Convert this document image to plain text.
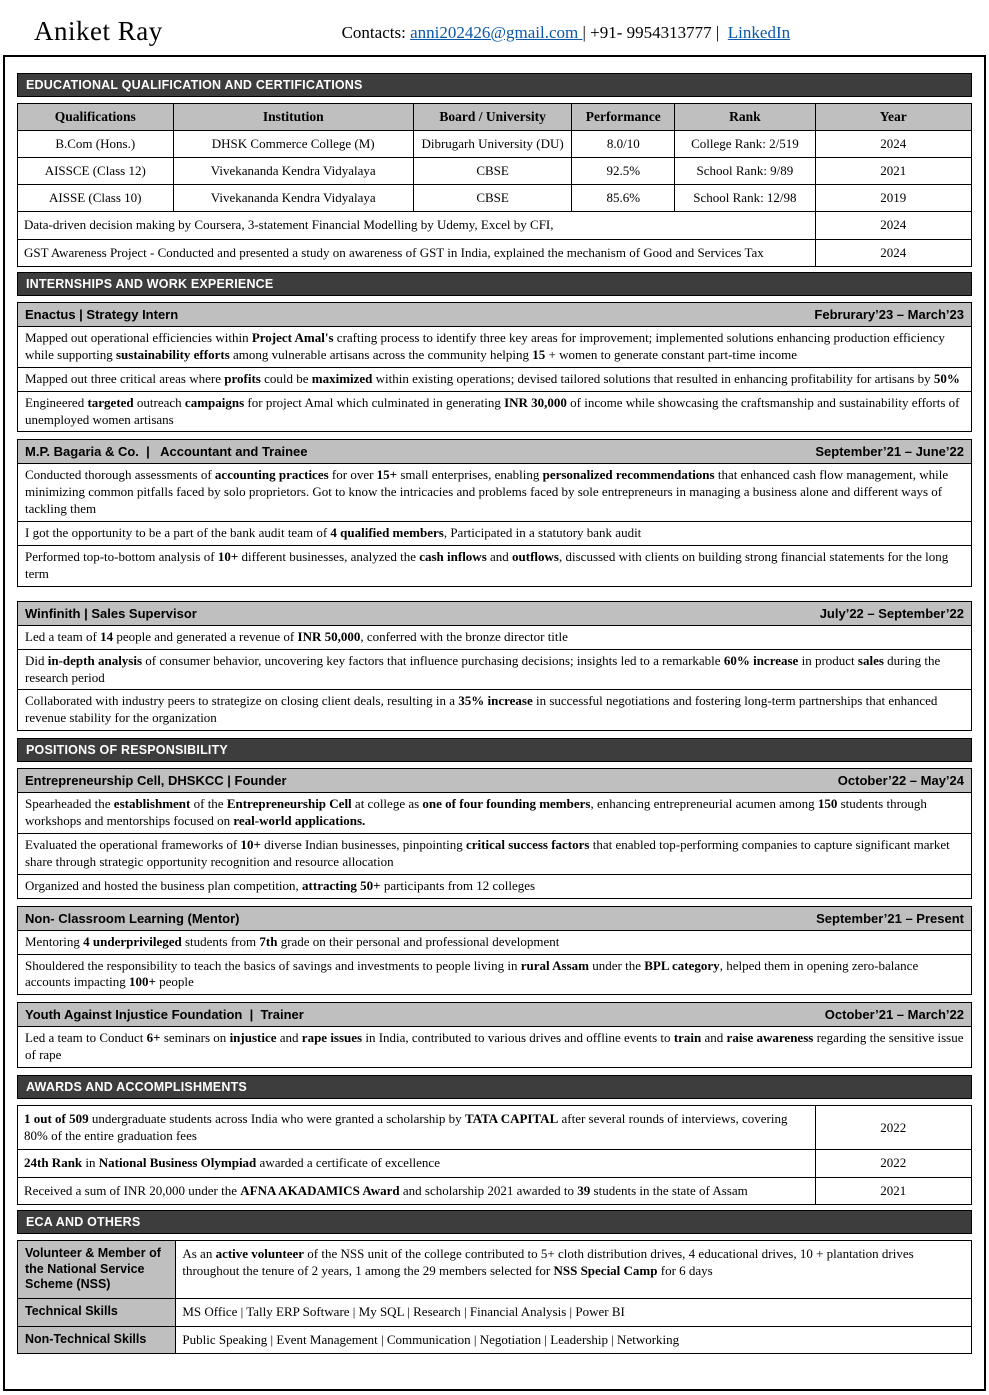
Aniket Ray	Contacts: anni202426@gmail.com | +91- 9954313777 |  LinkedIn
EDUCATIONAL QUALIFICATION AND CERTIFICATIONS
Qualifications	Institution	Board / University	Performance	Rank	Year
B.Com (Hons.)	DHSK Commerce College (M)	Dibrugarh University (DU)	8.0/10	College Rank: 2/519	2024
AISSCE (Class 12)	Vivekananda Kendra Vidyalaya	CBSE	92.5%	School Rank: 9/89	2021
AISSE (Class 10)	Vivekananda Kendra Vidyalaya	CBSE	85.6%	School Rank: 12/98	2019
Data-driven decision making by Coursera, 3-statement Financial Modelling by Udemy, Excel by CFI,					2024
GST Awareness Project - Conducted and presented a study on awareness of GST in India, explained the mechanism of Good and Services Tax					2024
INTERNSHIPS AND WORK EXPERIENCE
Enactus | Strategy Intern	Februrary’23 – March’23
Mapped out operational efficiencies within Project Amal's crafting process to identify three key areas for improvement; implemented solutions enhancing production efficiency while supporting sustainability efforts among vulnerable artisans across the community helping 15 + women to generate constant part-time income
Mapped out three critical areas where profits could be maximized within existing operations; devised tailored solutions that resulted in enhancing profitability for artisans by 50%
Engineered targeted outreach campaigns for project Amal which culminated in generating INR 30,000 of income while showcasing the craftsmanship and sustainability efforts of unemployed women artisans
M.P. Bagaria & Co.  |   Accountant and Trainee	September’21 – June’22
Conducted thorough assessments of accounting practices for over 15+ small enterprises, enabling personalized recommendations that enhanced cash flow management, while minimizing common pitfalls faced by solo proprietors. Got to know the intricacies and problems faced by sole entrepreneurs in managing a business alone and different ways of tackling them
I got the opportunity to be a part of the bank audit team of 4 qualified members, Participated in a statutory bank audit
Performed top-to-bottom analysis of 10+ different businesses, analyzed the cash inflows and outflows, discussed with clients on building strong financial statements for the long term
Winfinith | Sales Supervisor	July’22 – September’22
Led a team of 14 people and generated a revenue of INR 50,000, conferred with the bronze director title
Did in-depth analysis of consumer behavior, uncovering key factors that influence purchasing decisions; insights led to a remarkable 60% increase in product sales during the research period
Collaborated with industry peers to strategize on closing client deals, resulting in a 35% increase in successful negotiations and fostering long-term partnerships that enhanced revenue stability for the organization
POSITIONS OF RESPONSIBILITY
Entrepreneurship Cell, DHSKCC | Founder	October’22 – May’24
Spearheaded the establishment of the Entrepreneurship Cell at college as one of four founding members, enhancing entrepreneurial acumen among 150 students through workshops and mentorships focused on real-world applications.
Evaluated the operational frameworks of 10+ diverse Indian businesses, pinpointing critical success factors that enabled top-performing companies to capture significant market share through strategic opportunity recognition and resource allocation
Organized and hosted the business plan competition, attracting 50+ participants from 12 colleges
Non- Classroom Learning (Mentor)	September’21 – Present
Mentoring 4 underprivileged students from 7th grade on their personal and professional development
Shouldered the responsibility to teach the basics of savings and investments to people living in rural Assam under the BPL category, helped them in opening zero-balance accounts impacting 100+ people
Youth Against Injustice Foundation  |  Trainer	October’21 – March’22
Led a team to Conduct 6+ seminars on injustice and rape issues in India, contributed to various drives and offline events to train and raise awareness regarding the sensitive issue of rape
AWARDS AND ACCOMPLISHMENTS
1 out of 509 undergraduate students across India who were granted a scholarship by TATA CAPITAL after several rounds of interviews, covering 80% of the entire graduation fees	2022
24th Rank in National Business Olympiad awarded a certificate of excellence	2022
Received a sum of INR 20,000 under the AFNA AKADAMICS Award and scholarship 2021 awarded to 39 students in the state of Assam	2021
ECA AND OTHERS
Volunteer & Member of the National Service Scheme (NSS)	As an active volunteer of the NSS unit of the college contributed to 5+ cloth distribution drives, 4 educational drives, 10 + plantation drives throughout the tenure of 2 years, 1 among the 29 members selected for NSS Special Camp for 6 days
Technical Skills	MS Office | Tally ERP Software | My SQL | Research | Financial Analysis | Power BI
Non-Technical Skills	Public Speaking | Event Management | Communication | Negotiation | Leadership | Networking
